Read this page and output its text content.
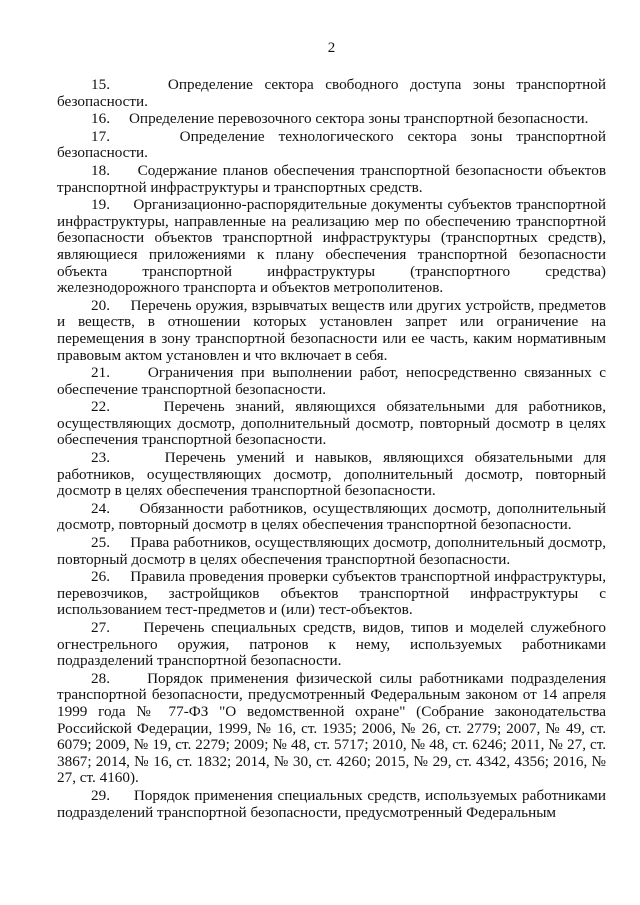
2

15.	Определение сектора свободного доступа зоны транспортной безопасности.

16. Определение перевозочного сектора зоны транспортной безопасности.

17.	Определение технологического сектора зоны транспортной безопасности.

18. Содержание планов обеспечения транспортной безопасности объектов транспортной инфраструктуры и транспортных средств.

19. Организационно-распорядительные документы субъектов транспортной инфраструктуры, направленные на реализацию мер по обеспечению транспортной безопасности объектов транспортной инфраструктуры (транспортных средств), являющиеся приложениями к плану обеспечения транспортной безопасности объекта транспортной инфраструктуры (транспортного средства) железнодорожного транспорта и объектов метрополитенов.

20. Перечень оружия, взрывчатых веществ или других устройств, предметов и веществ, в отношении которых установлен запрет или ограничение на перемещения в зону транспортной безопасности или ее часть, каким нормативным правовым актом установлен и что включает в себя.

21. Ограничения при выполнении работ, непосредственно связанных с обеспечение транспортной безопасности.

22.	Перечень знаний, являющихся обязательными для работников, осуществляющих досмотр, дополнительный досмотр, повторный досмотр в целях обеспечения транспортной безопасности.

23.	Перечень умений и навыков, являющихся обязательными для работников, осуществляющих досмотр, дополнительный досмотр, повторный досмотр в целях обеспечения транспортной безопасности.

24. Обязанности работников, осуществляющих досмотр, дополнительный досмотр, повторный досмотр в целях обеспечения транспортной безопасности.

25. Права работников, осуществляющих досмотр, дополнительный досмотр, повторный досмотр в целях обеспечения транспортной безопасности.

26. Правила проведения проверки субъектов транспортной инфраструктуры, перевозчиков, застройщиков объектов транспортной инфраструктуры с использованием тест-предметов и (или) тест-объектов.

27. Перечень специальных средств, видов, типов и моделей служебного огнестрельного оружия, патронов к нему, используемых работниками подразделений транспортной безопасности.

28. Порядок применения физической силы работниками подразделения транспортной безопасности, предусмотренный Федеральным законом от 14 апреля 1999 года № 77-ФЗ "О ведомственной охране" (Собрание законодательства Российской Федерации, 1999, № 16, ст. 1935; 2006, № 26, ст. 2779; 2007, № 49, ст. 6079; 2009, № 19, ст. 2279; 2009; № 48, ст. 5717; 2010, № 48, ст. 6246; 2011, № 27, ст. 3867; 2014, № 16, ст. 1832; 2014, № 30, ст. 4260; 2015, № 29, ст. 4342, 4356; 2016, № 27, ст. 4160).

29. Порядок применения специальных средств, используемых работниками подразделений транспортной безопасности, предусмотренный Федеральным
